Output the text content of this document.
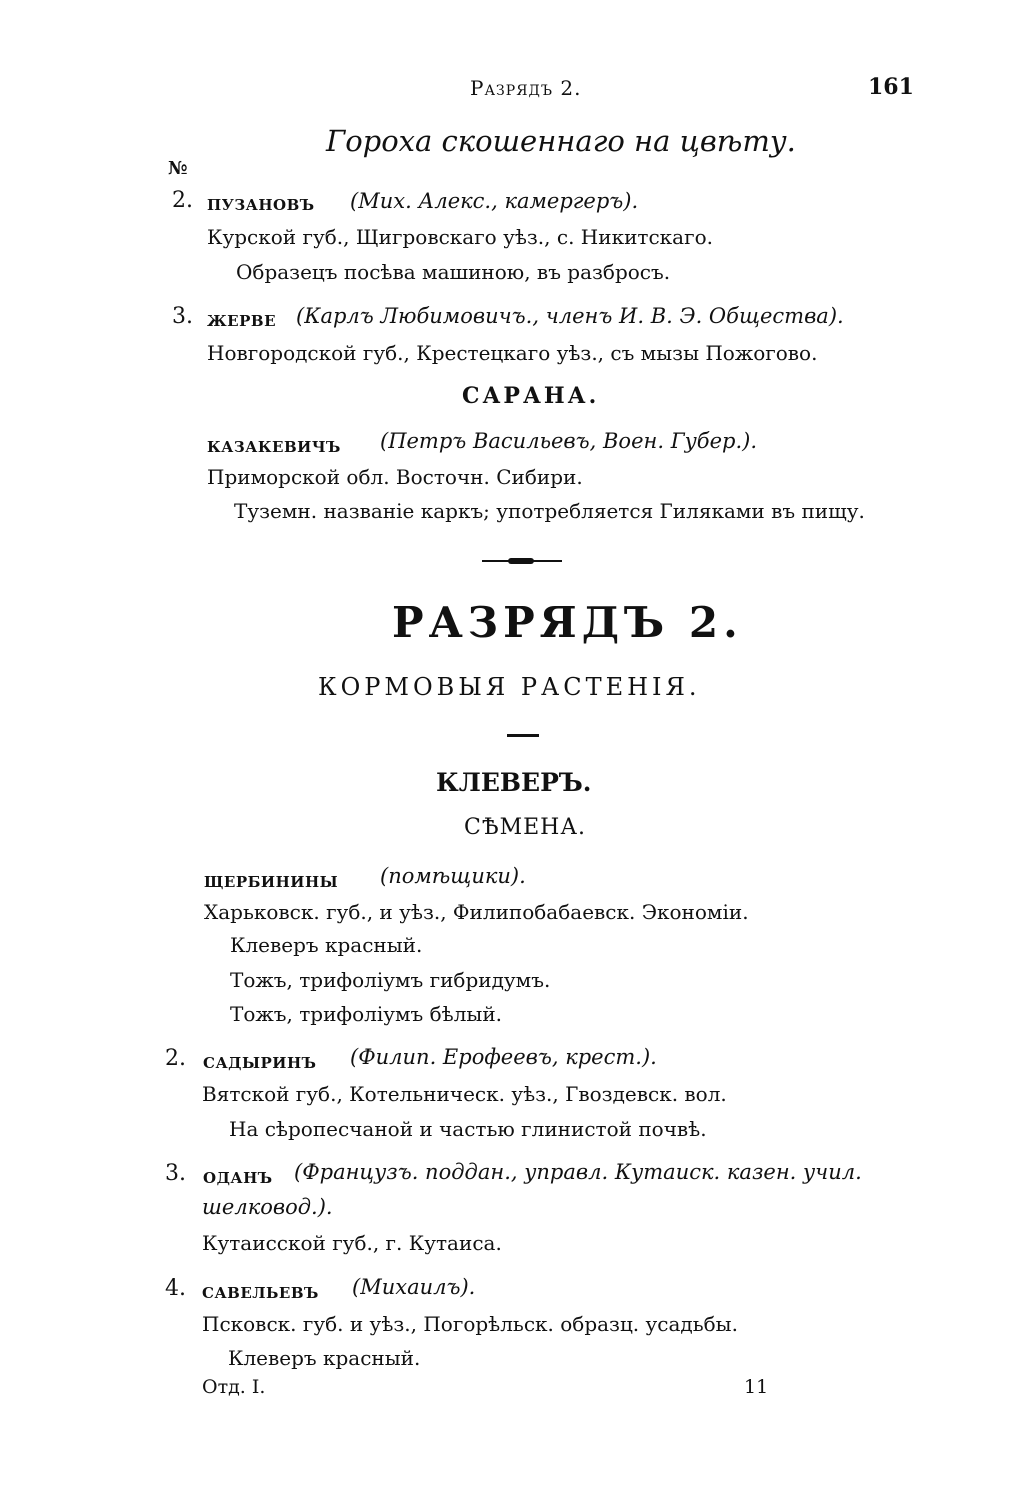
Разрядъ 2.	161
Гороха скошеннаго на цвѣту.
№
2. пузановъ (Мих. Алекс., камергеръ).
Курской губ., Щигровскаго уѣз., с. Никитскаго.
Образецъ посѣва машиною, въ разбросъ.
3. жерве (Карлъ Любимовичъ., членъ И. В. Э. Общества).
Новгородской губ., Крестецкаго уѣз., съ мызы Пожогово.
САРАНА.
казакевичъ (Петръ Васильевъ, Воен. Губер.).
Приморской обл. Восточн. Сибири.
Туземн. названіе каркъ; употребляется Гиляками въ пищу.
РАЗРЯДЪ 2.
КОРМОВЫЯ РАСТЕНІЯ.
КЛЕВЕРЪ.
СѢМЕНА.
щербинины (помѣщики).
Харьковск. губ., и уѣз., Филипобабаевск. Экономіи.
Клеверъ красный.
Тожъ, трифоліумъ гибридумъ.
Тожъ, трифоліумъ бѣлый.
2. садыринъ (Филип. Ерофеевъ, крест.).
Вятской губ., Котельническ. уѣз., Гвоздевск. вол.
На сѣропесчаной и частью глинистой почвѣ.
3. оданъ (Французъ. поддан., управл. Кутаиск. казен. учил.
шелковод.).
Кутаисской губ., г. Кутаиса.
4. савельевъ (Михаилъ).
Псковск. губ. и уѣз., Погорѣльск. образц. усадьбы.
Клеверъ красный.
Отд. I.	11
